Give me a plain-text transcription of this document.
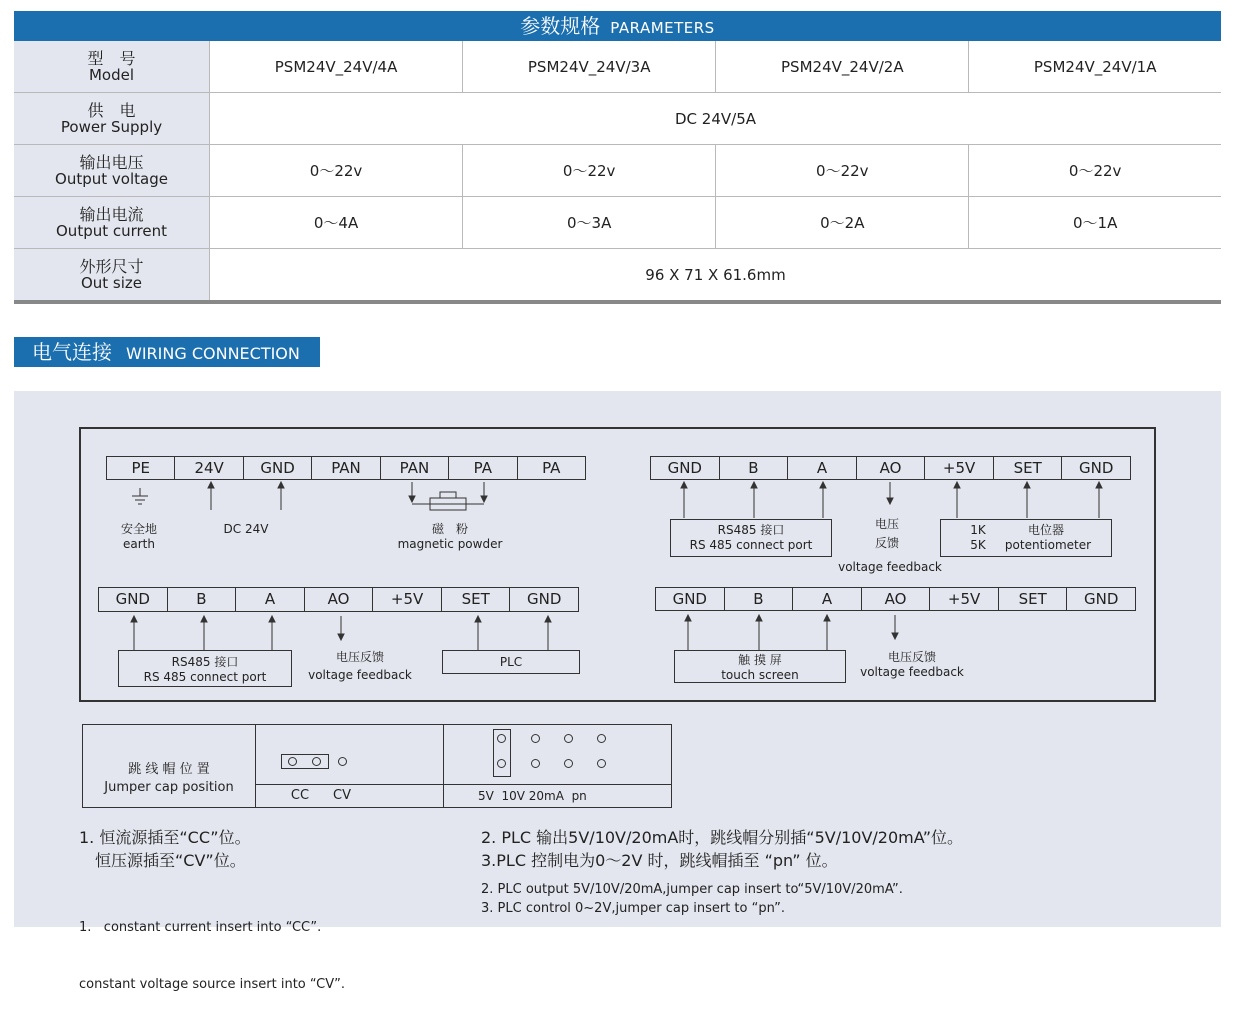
参数规格 PARAMETERS
型　号
Model	PSM24V_24V/4A	PSM24V_24V/3A	PSM24V_24V/2A	PSM24V_24V/1A

供　电
Power Supply	DC 24V/5A			

输出电压
Output voltage	0～22v	0～22v	0～22v	0～22v

输出电流
Output current	0～4A	0～3A	0～2A	0～1A

外形尺寸
Out size	96 X 71 X 61.6mm			
电气连接 WIRING CONNECTION
PE	24V	GND	PAN	PAN	PA	PA
安全地
earth
DC 24V	磁　粉
magnetic powder
GND	B	A	AO	+5V	SET	GND
RS485 接口
RS 485 connect port
电压
反馈
voltage feedback
1K
5K
电位器
potentiometer
GND	B	A	AO	+5V	SET	GND
RS485 接口
RS 485 connect port
电压反馈
voltage feedback
PLC
GND	B	A	AO	+5V	SET	GND
触 摸 屏
touch screen
电压反馈
voltage feedback
跳 线 帽 位 置
Jumper cap position
CC CV	5V  10V 20mA  pn
1. 恒流源插至“CC”位。
恒压源插至“CV”位。

1.   constant current insert into “CC”.

constant voltage source insert into “CV”.

2. PLC 输出5V/10V/20mA时，跳线帽分别插“5V/10V/20mA”位。
3.PLC 控制电为0～2V 时，跳线帽插至 “pn” 位。
2. PLC output 5V/10V/20mA,jumper cap insert to“5V/10V/20mA”.
3. PLC control 0~2V,jumper cap insert to “pn”.
